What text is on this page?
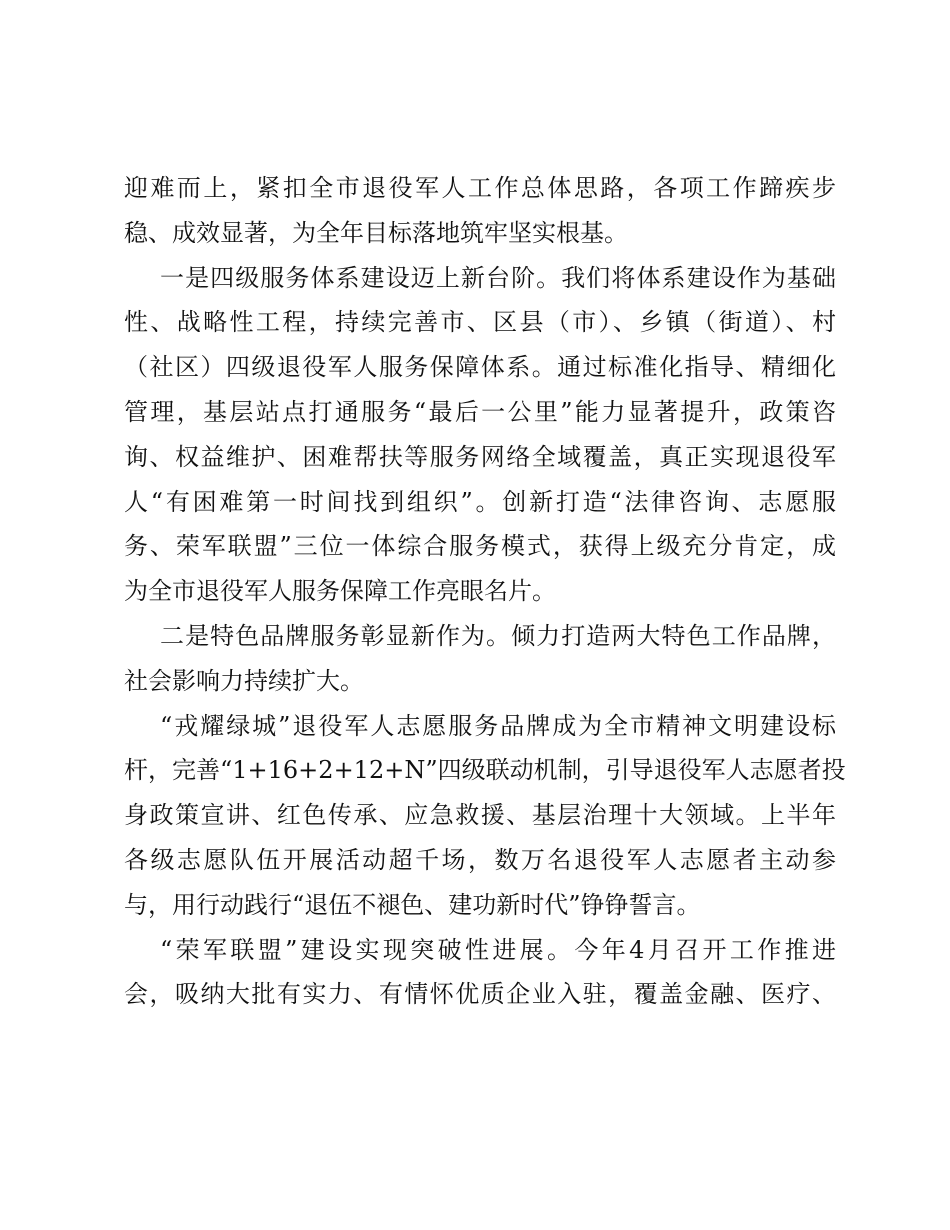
迎难而上，紧扣全市退役军人工作总体思路，各项工作蹄疾步
稳、成效显著，为全年目标落地筑牢坚实根基。
一是四级服务体系建设迈上新台阶。我们将体系建设作为基础
性、战略性工程，持续完善市、区县（市）、乡镇（街道）、村
（社区）四级退役军人服务保障体系。通过标准化指导、精细化
管理，基层站点打通服务“最后一公里”能力显著提升，政策咨
询、权益维护、困难帮扶等服务网络全域覆盖，真正实现退役军
人“有困难第一时间找到组织”。创新打造“法律咨询、志愿服
务、荣军联盟”三位一体综合服务模式，获得上级充分肯定，成
为全市退役军人服务保障工作亮眼名片。
二是特色品牌服务彰显新作为。倾力打造两大特色工作品牌，
社会影响力持续扩大。
“戎耀绿城”退役军人志愿服务品牌成为全市精神文明建设标
杆，完善“1+16+2+12+N”四级联动机制，引导退役军人志愿者投
身政策宣讲、红色传承、应急救援、基层治理十大领域。上半年
各级志愿队伍开展活动超千场，数万名退役军人志愿者主动参
与，用行动践行“退伍不褪色、建功新时代”铮铮誓言。
“荣军联盟”建设实现突破性进展。今年4月召开工作推进
会，吸纳大批有实力、有情怀优质企业入驻，覆盖金融、医疗、
